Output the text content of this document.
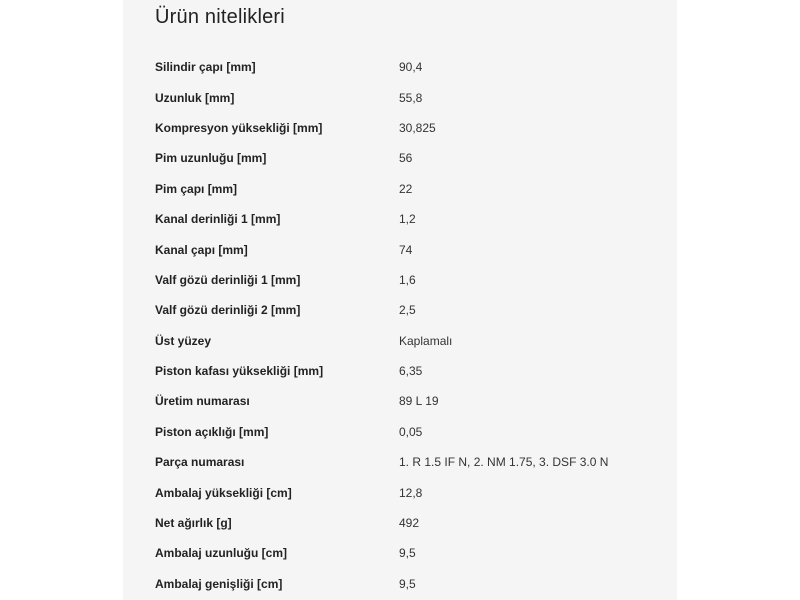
Ürün nitelikleri
Silindir çapı [mm]	90,4
Uzunluk [mm]	55,8
Kompresyon yüksekliği [mm]	30,825
Pim uzunluğu [mm]	56
Pim çapı [mm]	22
Kanal derinliği 1 [mm]	1,2
Kanal çapı [mm]	74
Valf gözü derinliği 1 [mm]	1,6
Valf gözü derinliği 2 [mm]	2,5
Üst yüzey	Kaplamalı
Piston kafası yüksekliği [mm]	6,35
Üretim numarası	89 L 19
Piston açıklığı [mm]	0,05
Parça numarası	1. R 1.5 IF N, 2. NM 1.75, 3. DSF 3.0 N
Ambalaj yüksekliği [cm]	12,8
Net ağırlık [g]	492
Ambalaj uzunluğu [cm]	9,5
Ambalaj genişliği [cm]	9,5
